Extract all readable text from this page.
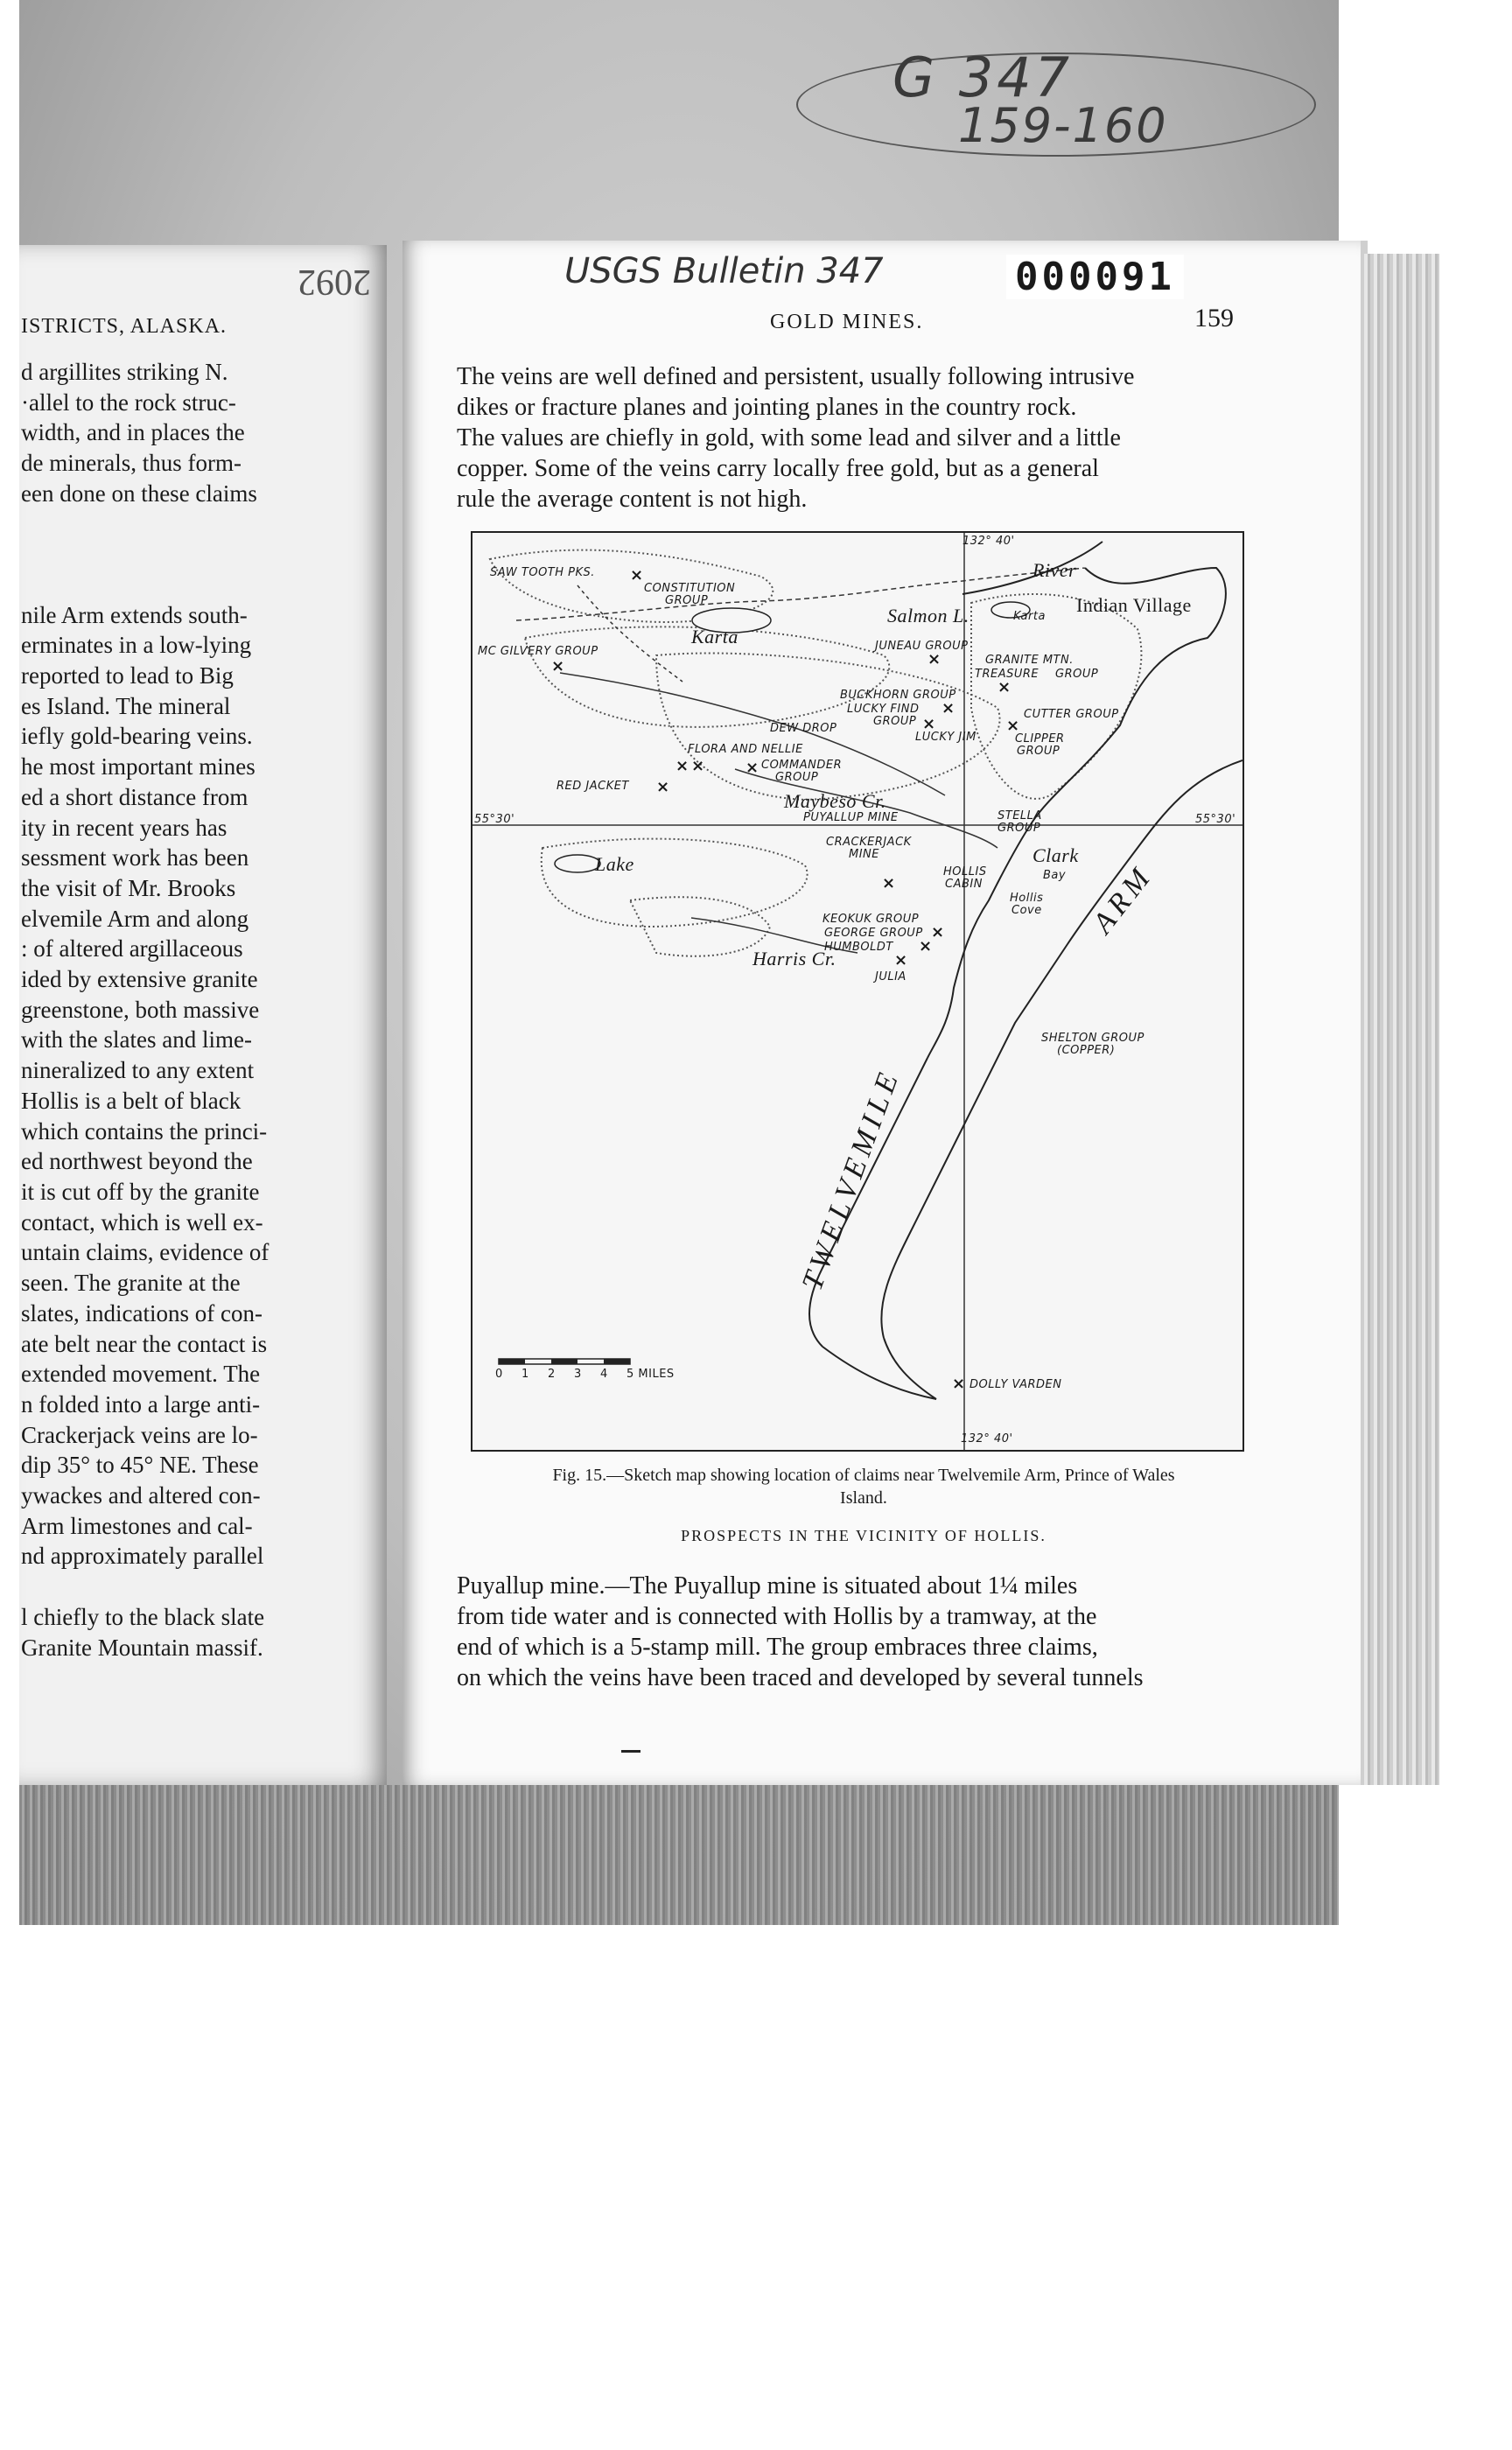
G 347
159-160
2092
ISTRICTS, ALASKA.
d argillites striking N.
·allel to the rock struc-
width, and in places the
de minerals, thus form-
een done on these claims

nile Arm extends south-
erminates in a low-lying
reported to lead to Big
es Island. The mineral
iefly gold-bearing veins.
he most important mines
ed a short distance from
ity in recent years has
sessment work has been
the visit of Mr. Brooks
elvemile Arm and along
: of altered argillaceous
ided by extensive granite
greenstone, both massive
with the slates and lime-
nineralized to any extent
Hollis is a belt of black
which contains the princi-
ed northwest beyond the
it is cut off by the granite
contact, which is well ex-
untain claims, evidence of
seen. The granite at the
slates, indications of con-
ate belt near the contact is
extended movement. The
n folded into a large anti-
Crackerjack veins are lo-
dip 35° to 45° NE. These
ywackes and altered con-
Arm limestones and cal-
nd approximately parallel

l chiefly to the black slate
Granite Mountain massif.
USGS Bulletin 347	000091
GOLD MINES.	159
The veins are well defined and persistent, usually following intrusive
dikes or fracture planes and jointing planes in the country rock.
The values are chiefly in gold, with some lead and silver and a little
copper. Some of the veins carry locally free gold, but as a general
rule the average content is not high.
132° 40'
132° 40'
55°30'	55°30'
SAW TOOTH PKS.
CONSTITUTION
GROUP
Karta
Salmon L.
River
Karta
Indian Village
MC GILVERY GROUP	JUNEAU GROUP
GRANITE MTN.
TREASURE GROUP
BUCKHORN GROUP
LUCKY FIND
GROUP
DEW DROP
LUCKY JIM
CUTTER GROUP
CLIPPER
GROUP
FLORA AND NELLIE
COMMANDER
GROUP
RED JACKET
Maybeso Cr.
PUYALLUP MINE	STELLA
GROUP
Lake
CRACKERJACK
MINE
HOLLIS
CABIN
Clark
Bay
Hollis
Cove ARM
KEOKUK GROUP
GEORGE GROUP
HUMBOLDT
Harris Cr.
JULIA
SHELTON GROUP
(COPPER)
TWELVEMILE
DOLLY VARDEN
×
×	×
×
×
×	×
× ×	×
×
×
×
×
×
×
0 1 2 3 4 5 MILES
Fig. 15.—Sketch map showing location of claims near Twelvemile Arm, Prince of Wales
Island.
PROSPECTS IN THE VICINITY OF HOLLIS.
Puyallup mine.—The Puyallup mine is situated about 1¼ miles
from tide water and is connected with Hollis by a tramway, at the
end of which is a 5-stamp mill. The group embraces three claims,
on which the veins have been traced and developed by several tunnels
